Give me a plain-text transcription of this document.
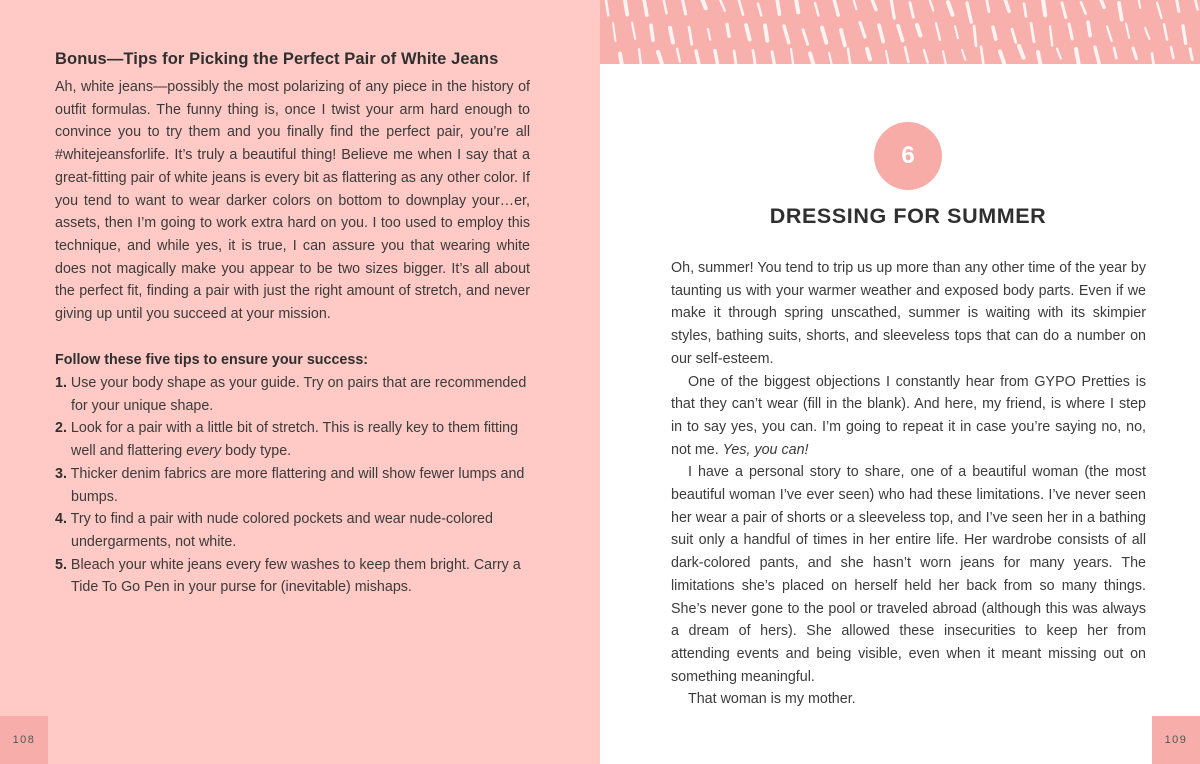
Bonus—Tips for Picking the Perfect Pair of White Jeans

Ah, white jeans—possibly the most polarizing of any piece in the history of outfit formulas. The funny thing is, once I twist your arm hard enough to convince you to try them and you finally find the perfect pair, you’re all #whitejeansforlife. It’s truly a beautiful thing! Believe me when I say that a great-fitting pair of white jeans is every bit as flattering as any other color. If you tend to want to wear darker colors on bottom to downplay your…er, assets, then I’m going to work extra hard on you. I too used to employ this technique, and while yes, it is true, I can assure you that wearing white does not magically make you appear to be two sizes bigger. It’s all about the perfect fit, finding a pair with just the right amount of stretch, and never giving up until you succeed at your mission.

Follow these five tips to ensure your success:

1. Use your body shape as your guide. Try on pairs that are recommended for your unique shape.
2. Look for a pair with a little bit of stretch. This is really key to them fitting well and flattering every body type.
3. Thicker denim fabrics are more flattering and will show fewer lumps and bumps.
4. Try to find a pair with nude colored pockets and wear nude-colored undergarments, not white.
5. Bleach your white jeans every few washes to keep them bright. Carry a Tide To Go Pen in your purse for (inevitable) mishaps.
108
6
DRESSING FOR SUMMER

Oh, summer! You tend to trip us up more than any other time of the year by taunting us with your warmer weather and exposed body parts. Even if we make it through spring unscathed, summer is waiting with its skimpier styles, bathing suits, shorts, and sleeveless tops that can do a number on our self-esteem.

One of the biggest objections I constantly hear from GYPO Pretties is that they can’t wear (fill in the blank). And here, my friend, is where I step in to say yes, you can. I’m going to repeat it in case you’re saying no, no, not me. Yes, you can!

I have a personal story to share, one of a beautiful woman (the most beautiful woman I’ve ever seen) who had these limitations. I’ve never seen her wear a pair of shorts or a sleeveless top, and I’ve seen her in a bathing suit only a handful of times in her entire life. Her wardrobe consists of all dark-colored pants, and she hasn’t worn jeans for many years. The limitations she’s placed on herself held her back from so many things. She’s never gone to the pool or traveled abroad (although this was always a dream of hers). She allowed these insecurities to keep her from attending events and being visible, even when it meant missing out on something meaningful.

That woman is my mother.

109
